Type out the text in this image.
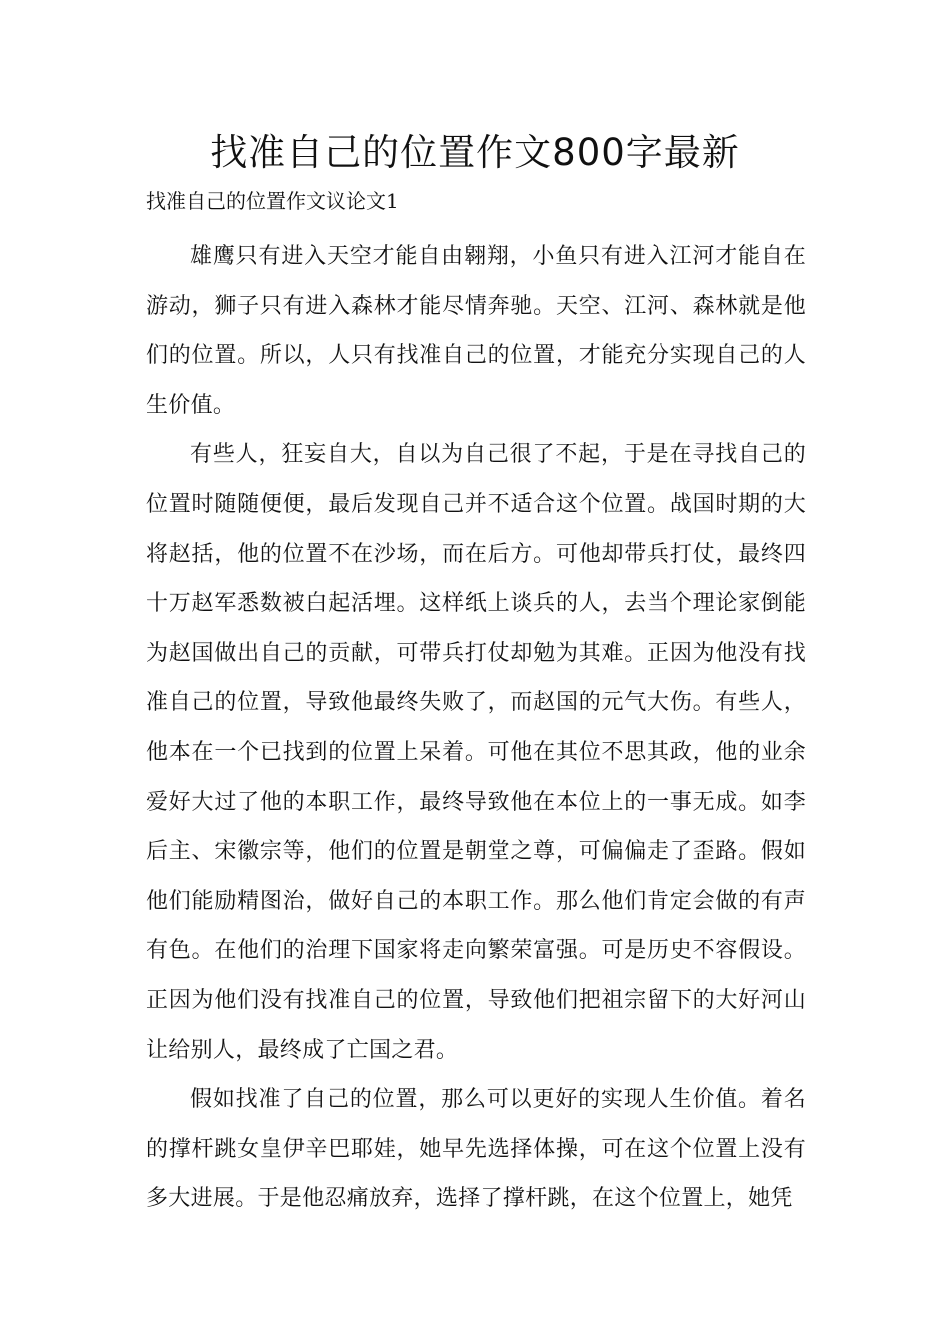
找准自己的位置作文800字最新
找准自己的位置作文议论文1

雄鹰只有进入天空才能自由翱翔，小鱼只有进入江河才能自在游动，狮子只有进入森林才能尽情奔驰。天空、江河、森林就是他们的位置。所以，人只有找准自己的位置，才能充分实现自己的人生价值。

有些人，狂妄自大，自以为自己很了不起，于是在寻找自己的位置时随随便便，最后发现自己并不适合这个位置。战国时期的大将赵括，他的位置不在沙场，而在后方。可他却带兵打仗，最终四十万赵军悉数被白起活埋。这样纸上谈兵的人，去当个理论家倒能为赵国做出自己的贡献，可带兵打仗却勉为其难。正因为他没有找准自己的位置，导致他最终失败了，而赵国的元气大伤。有些人，他本在一个已找到的位置上呆着。可他在其位不思其政，他的业余爱好大过了他的本职工作，最终导致他在本位上的一事无成。如李后主、宋徽宗等，他们的位置是朝堂之尊，可偏偏走了歪路。假如他们能励精图治，做好自己的本职工作。那么他们肯定会做的有声有色。在他们的治理下国家将走向繁荣富强。可是历史不容假设。正因为他们没有找准自己的位置，导致他们把祖宗留下的大好河山让给别人，最终成了亡国之君。

假如找准了自己的位置，那么可以更好的实现人生价值。着名的撑杆跳女皇伊辛巴耶娃，她早先选择体操，可在这个位置上没有多大进展。于是他忍痛放弃，选择了撑杆跳，在这个位置上，她凭
